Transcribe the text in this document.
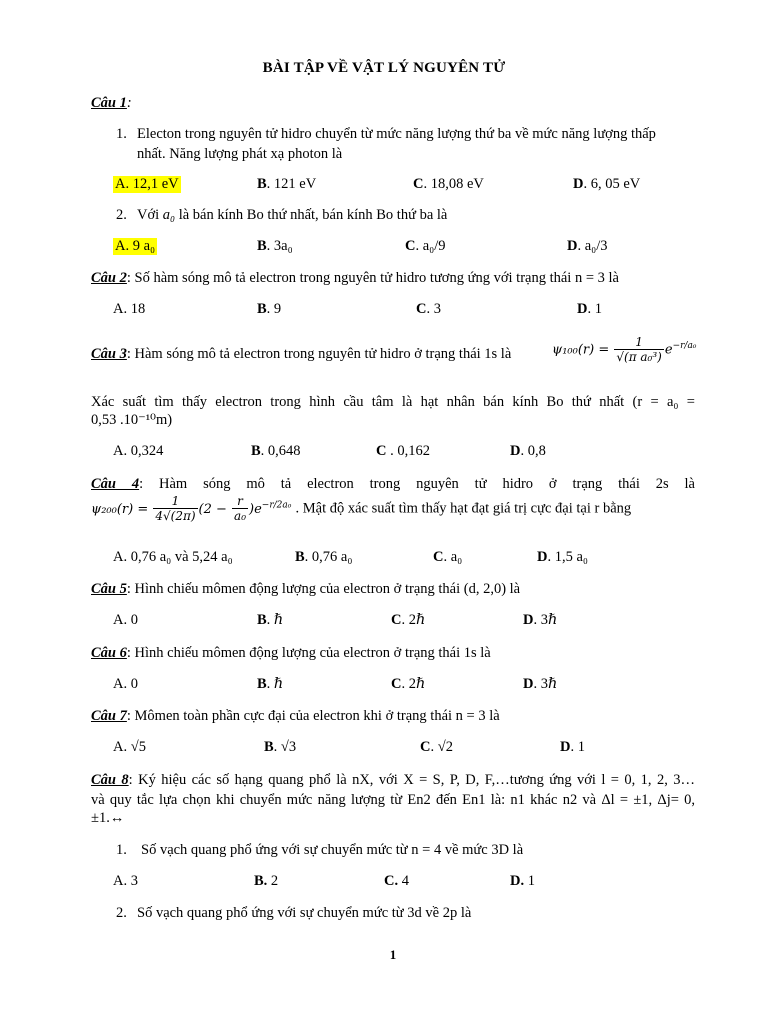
BÀI TẬP VỀ VẬT LÝ NGUYÊN TỬ
Câu 1:
1. Electon trong nguyên tử hidro chuyển từ mức năng lượng thứ ba về mức năng lượng thấp
nhất. Năng lượng phát xạ photon là
A. 12,1 eV	B. 121 eV	C. 18,08 eV	D. 6, 05 eV
2. Với a₀ là bán kính Bo thứ nhất, bán kính Bo thứ ba là
A. 9 a₀	B. 3a₀	C. a₀/9	D. a₀/3
Câu 2: Số hàm sóng mô tả electron trong nguyên tử hidro tương ứng với trạng thái n = 3 là
A. 18	B. 9	C. 3	D. 1
Câu 3: Hàm sóng mô tả electron trong nguyên tử hidro ở trạng thái 1s là	$\psi_{100}(r) = \frac{1}{\text{√(π a₀³)}} e^{-r/a_0}$
Xác suất tìm thấy electron trong hình cầu tâm là hạt nhân bán kính Bo thứ nhất (r = a₀ =
0,53 .10⁻¹⁰m)
A. 0,324	B. 0,648	C . 0,162	D. 0,8
Câu 4: Hàm sóng mô tả electron trong nguyên tử hidro ở trạng thái 2s là
$\psi_{200}(r) = \frac{1}{4√(2\pi)} (2 - \frac{r}{\text{a₀}} )e^{-r/2a_0}$ . Mật độ xác suất tìm thấy hạt đạt giá trị cực đại tại r bằng
A. 0,76 a₀ và 5,24 a₀	B. 0,76 a₀	C. a₀	D. 1,5 a₀
Câu 5: Hình chiếu mômen động lượng của electron ở trạng thái (d, 2,0) là
A. 0	B. ℏ	C. 2ℏ	D. 3ℏ
Câu 6: Hình chiếu mômen động lượng của electron ở trạng thái 1s là
A. 0	B. ℏ	C. 2ℏ	D. 3ℏ
Câu 7: Mômen toàn phần cực đại của electron khi ở trạng thái n = 3 là
A. √5	B. √3	C. √2	D. 1
Câu 8: Ký hiệu các số hạng quang phổ là nX, với X = S, P, D, F,…tương ứng với l = 0, 1, 2, 3…
và quy tắc lựa chọn khi chuyển mức năng lượng từ En2 đến En1 là: n1 khác n2 và Δl = ±1, Δj= 0,
±1.↔
1. Số vạch quang phổ ứng với sự chuyển mức từ n = 4 về mức 3D là
A. 3	B. 2	C. 4	D. 1
2. Số vạch quang phổ ứng với sự chuyển mức từ 3d về 2p là
1
